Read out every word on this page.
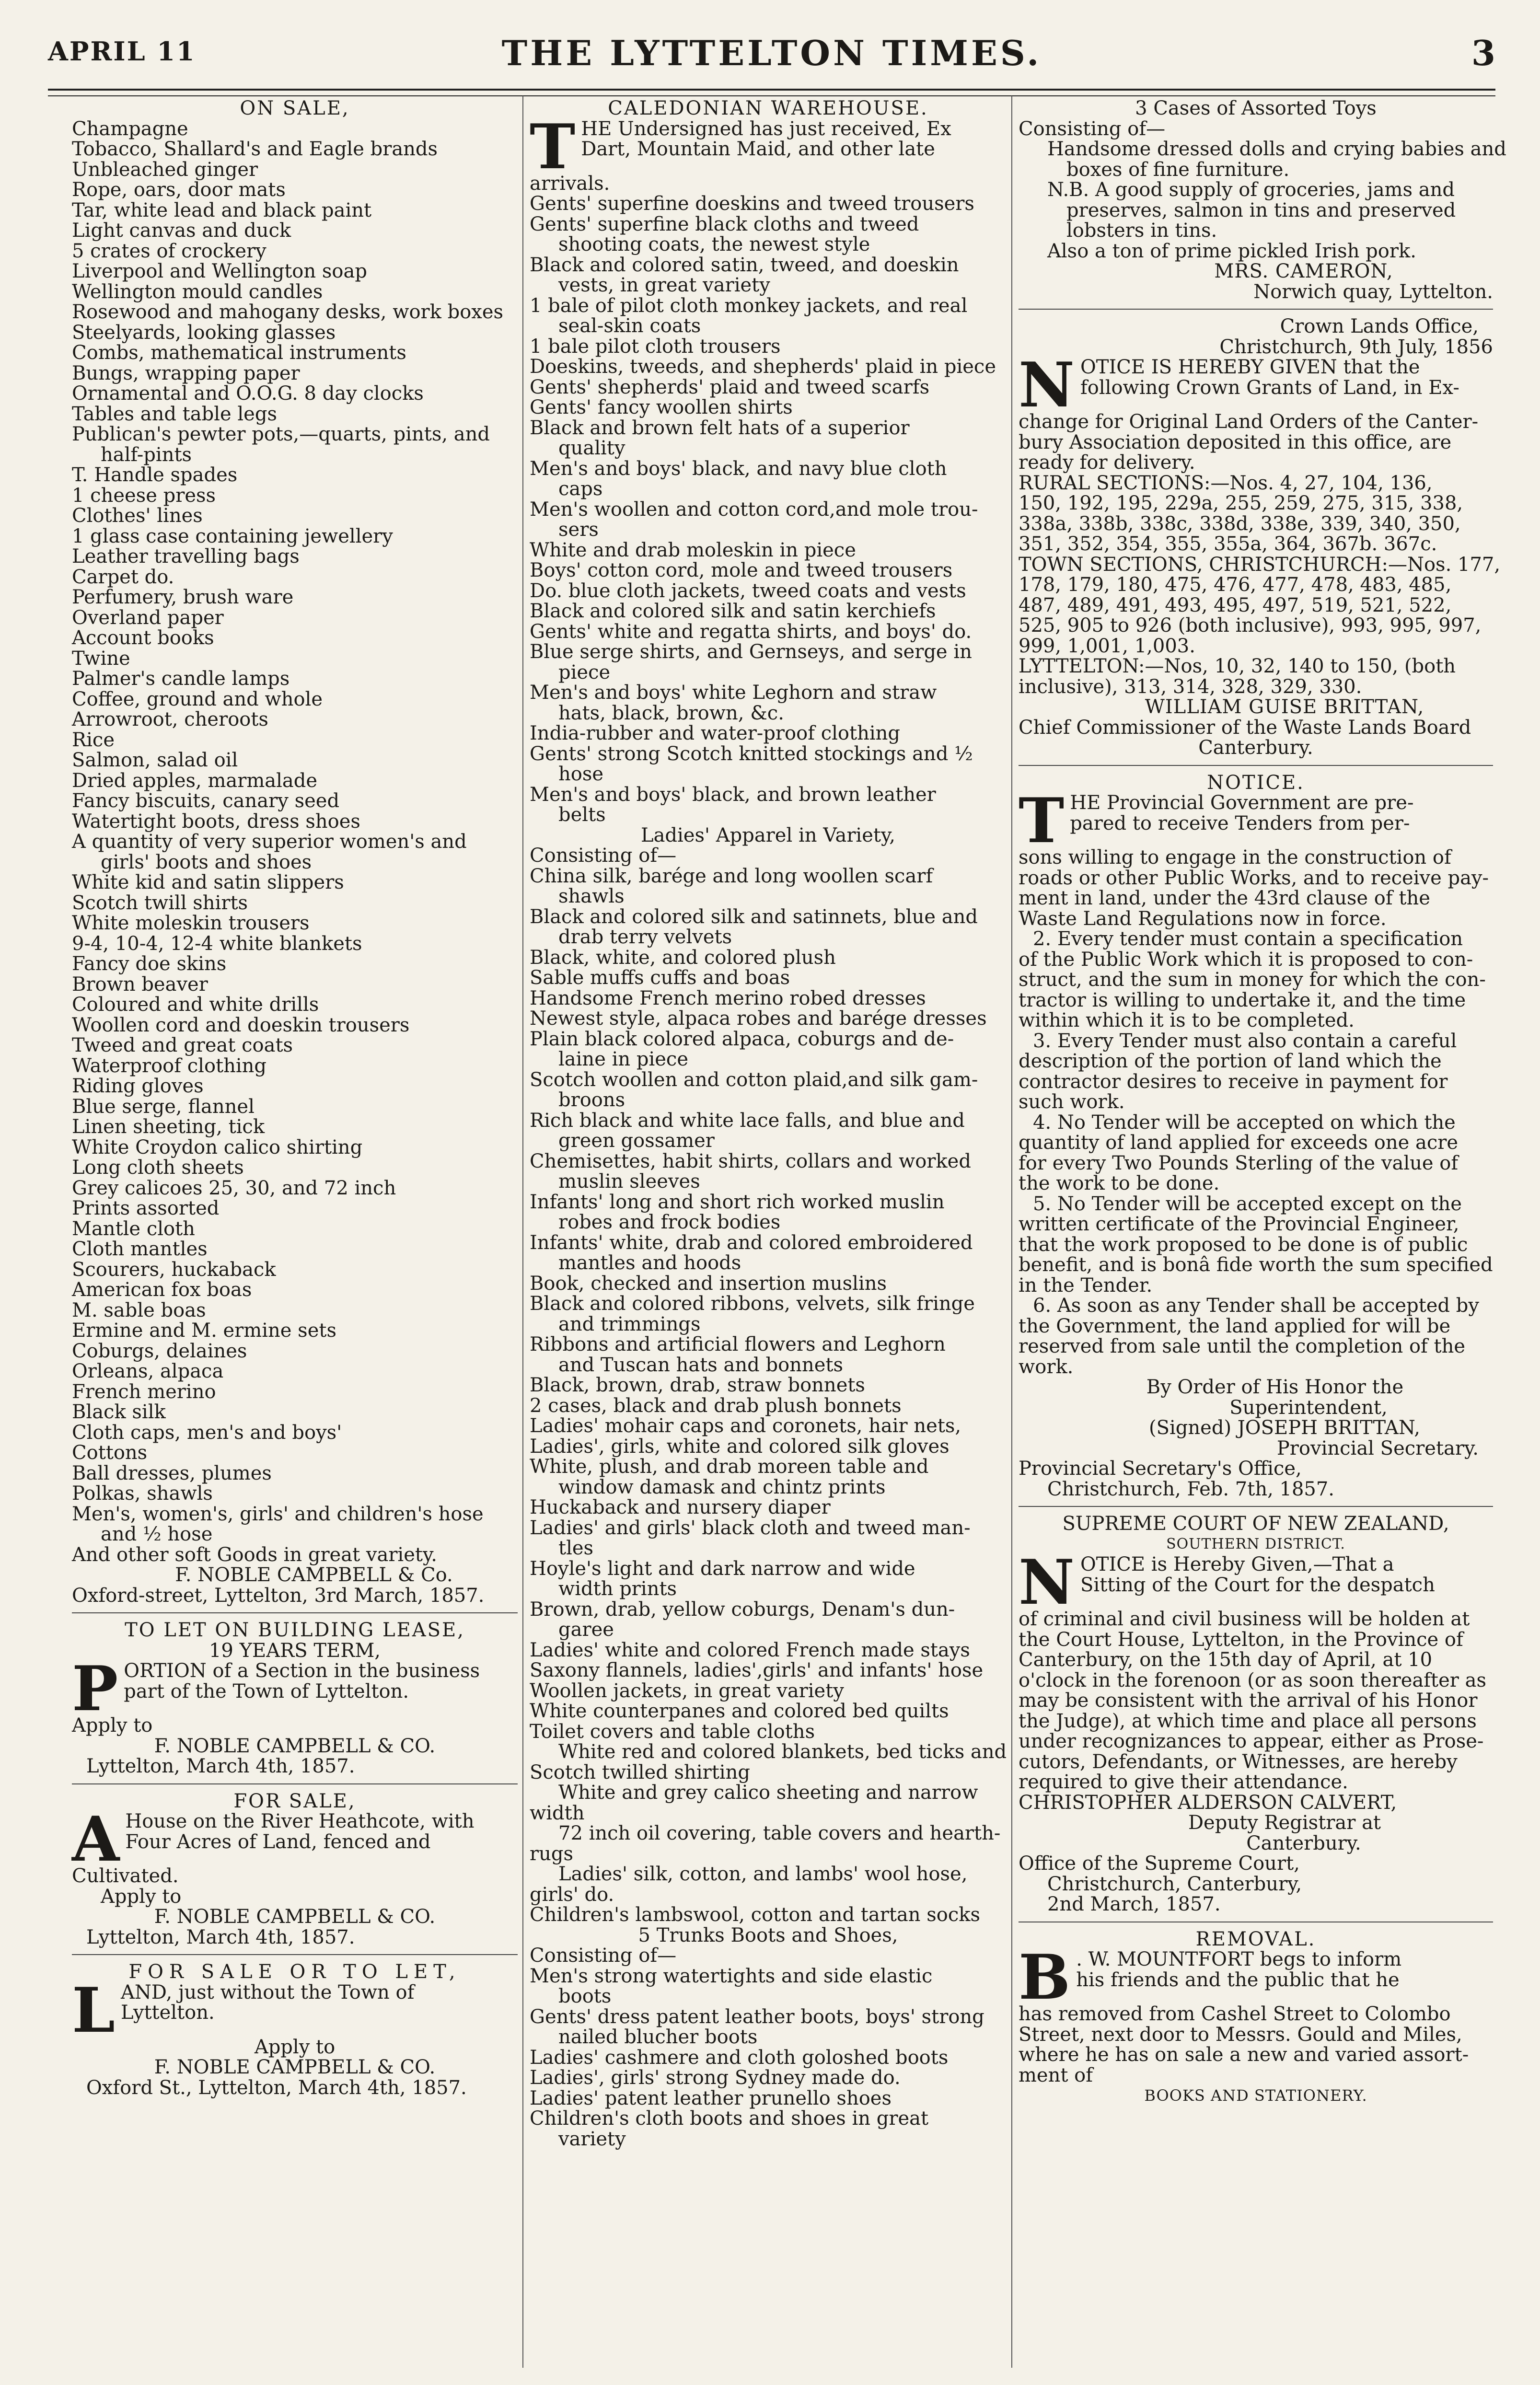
APRIL 11	THE LYTTELTON TIMES.	3
ON SALE,
Champagne
Tobacco, Shallard's and Eagle brands
Unbleached ginger
Rope, oars, door mats
Tar, white lead and black paint
Light canvas and duck
5 crates of crockery
Liverpool and Wellington soap
Wellington mould candles
Rosewood and mahogany desks, work boxes
Steelyards, looking glasses
Combs, mathematical instruments
Bungs, wrapping paper
Ornamental and O.O.G. 8 day clocks
Tables and table legs
Publican's pewter pots,—quarts, pints, and
half-pints
T. Handle spades
1 cheese press
Clothes' lines
1 glass case containing jewellery
Leather travelling bags
Carpet do.
Perfumery, brush ware
Overland paper
Account books
Twine
Palmer's candle lamps
Coffee, ground and whole
Arrowroot, cheroots
Rice
Salmon, salad oil
Dried apples, marmalade
Fancy biscuits, canary seed
Watertight boots, dress shoes
A quantity of very superior women's and
girls' boots and shoes
White kid and satin slippers
Scotch twill shirts
White moleskin trousers
9-4, 10-4, 12-4 white blankets
Fancy doe skins
Brown beaver
Coloured and white drills
Woollen cord and doeskin trousers
Tweed and great coats
Waterproof clothing
Riding gloves
Blue serge, flannel
Linen sheeting, tick
White Croydon calico shirting
Long cloth sheets
Grey calicoes 25, 30, and 72 inch
Prints assorted
Mantle cloth
Cloth mantles
Scourers, huckaback
American fox boas
M. sable boas
Ermine and M. ermine sets
Coburgs, delaines
Orleans, alpaca
French merino
Black silk
Cloth caps, men's and boys'
Cottons
Ball dresses, plumes
Polkas, shawls
Men's, women's, girls' and children's hose
and ½ hose
And other soft Goods in great variety.
F. NOBLE CAMPBELL & Co.
Oxford-street, Lyttelton, 3rd March, 1857.
TO LET ON BUILDING LEASE,
19 YEARS TERM,
P ORTION of a Section in the business
part of the Town of Lyttelton.
Apply to
F. NOBLE CAMPBELL & CO.
Lyttelton, March 4th, 1857.
FOR SALE,
A House on the River Heathcote, with
Four Acres of Land, fenced and
Cultivated.
Apply to
F. NOBLE CAMPBELL & CO.
Lyttelton, March 4th, 1857.
FOR SALE OR TO LET,
L AND, just without the Town of
Lyttelton.
Apply to
F. NOBLE CAMPBELL & CO.
Oxford St., Lyttelton, March 4th, 1857.
CALEDONIAN WAREHOUSE.
T HE Undersigned has just received, Ex
Dart, Mountain Maid, and other late
arrivals.
Gents' superfine doeskins and tweed trousers
Gents' superfine black cloths and tweed
shooting coats, the newest style
Black and colored satin, tweed, and doeskin
vests, in great variety
1 bale of pilot cloth monkey jackets, and real
seal-skin coats
1 bale pilot cloth trousers
Doeskins, tweeds, and shepherds' plaid in piece
Gents' shepherds' plaid and tweed scarfs
Gents' fancy woollen shirts
Black and brown felt hats of a superior
quality
Men's and boys' black, and navy blue cloth
caps
Men's woollen and cotton cord,and mole trou-
sers
White and drab moleskin in piece
Boys' cotton cord, mole and tweed trousers
Do. blue cloth jackets, tweed coats and vests
Black and colored silk and satin kerchiefs
Gents' white and regatta shirts, and boys' do.
Blue serge shirts, and Gernseys, and serge in
piece
Men's and boys' white Leghorn and straw
hats, black, brown, &c.
India-rubber and water-proof clothing
Gents' strong Scotch knitted stockings and ½
hose
Men's and boys' black, and brown leather
belts
Ladies' Apparel in Variety,
Consisting of—
China silk, barége and long woollen scarf
shawls
Black and colored silk and satinnets, blue and
drab terry velvets
Black, white, and colored plush
Sable muffs cuffs and boas
Handsome French merino robed dresses
Newest style, alpaca robes and barége dresses
Plain black colored alpaca, coburgs and de-
laine in piece
Scotch woollen and cotton plaid,and silk gam-
broons
Rich black and white lace falls, and blue and
green gossamer
Chemisettes, habit shirts, collars and worked
muslin sleeves
Infants' long and short rich worked muslin
robes and frock bodies
Infants' white, drab and colored embroidered
mantles and hoods
Book, checked and insertion muslins
Black and colored ribbons, velvets, silk fringe
and trimmings
Ribbons and artificial flowers and Leghorn
and Tuscan hats and bonnets
Black, brown, drab, straw bonnets
2 cases, black and drab plush bonnets
Ladies' mohair caps and coronets, hair nets,
Ladies', girls, white and colored silk gloves
White, plush, and drab moreen table and
window damask and chintz prints
Huckaback and nursery diaper
Ladies' and girls' black cloth and tweed man-
tles
Hoyle's light and dark narrow and wide
width prints
Brown, drab, yellow coburgs, Denam's dun-
garee
Ladies' white and colored French made stays
Saxony flannels, ladies',girls' and infants' hose
Woollen jackets, in great variety
White counterpanes and colored bed quilts
Toilet covers and table cloths
White red and colored blankets, bed ticks and
Scotch twilled shirting
White and grey calico sheeting and narrow
width
72 inch oil covering, table covers and hearth-
rugs
Ladies' silk, cotton, and lambs' wool hose,
girls' do.
Children's lambswool, cotton and tartan socks
5 Trunks Boots and Shoes,
Consisting of—
Men's strong watertights and side elastic
boots
Gents' dress patent leather boots, boys' strong
nailed blucher boots
Ladies' cashmere and cloth goloshed boots
Ladies', girls' strong Sydney made do.
Ladies' patent leather prunello shoes
Children's cloth boots and shoes in great
variety
3 Cases of Assorted Toys
Consisting of—
Handsome dressed dolls and crying babies and
boxes of fine furniture.
N.B. A good supply of groceries, jams and
preserves, salmon in tins and preserved
lobsters in tins.
Also a ton of prime pickled Irish pork.
MRS. CAMERON,
Norwich quay, Lyttelton.
Crown Lands Office,
Christchurch, 9th July, 1856
N OTICE IS HEREBY GIVEN that the
following Crown Grants of Land, in Ex-
change for Original Land Orders of the Canter-
bury Association deposited in this office, are
ready for delivery.
RURAL SECTIONS:—Nos. 4, 27, 104, 136,
150, 192, 195, 229a, 255, 259, 275, 315, 338,
338a, 338b, 338c, 338d, 338e, 339, 340, 350,
351, 352, 354, 355, 355a, 364, 367b. 367c.
TOWN SECTIONS, CHRISTCHURCH:—Nos. 177,
178, 179, 180, 475, 476, 477, 478, 483, 485,
487, 489, 491, 493, 495, 497, 519, 521, 522,
525, 905 to 926 (both inclusive), 993, 995, 997,
999, 1,001, 1,003.
LYTTELTON:—Nos, 10, 32, 140 to 150, (both
inclusive), 313, 314, 328, 329, 330.
WILLIAM GUISE BRITTAN,
Chief Commissioner of the Waste Lands Board
Canterbury.
NOTICE.
T HE Provincial Government are pre-
pared to receive Tenders from per-
sons willing to engage in the construction of
roads or other Public Works, and to receive pay-
ment in land, under the 43rd clause of the
Waste Land Regulations now in force.
2. Every tender must contain a specification
of the Public Work which it is proposed to con-
struct, and the sum in money for which the con-
tractor is willing to undertake it, and the time
within which it is to be completed.
3. Every Tender must also contain a careful
description of the portion of land which the
contractor desires to receive in payment for
such work.
4. No Tender will be accepted on which the
quantity of land applied for exceeds one acre
for every Two Pounds Sterling of the value of
the work to be done.
5. No Tender will be accepted except on the
written certificate of the Provincial Engineer,
that the work proposed to be done is of public
benefit, and is bonâ fide worth the sum specified
in the Tender.
6. As soon as any Tender shall be accepted by
the Government, the land applied for will be
reserved from sale until the completion of the
work.
By Order of His Honor the
Superintendent,
(Signed) JOSEPH BRITTAN,
Provincial Secretary.
Provincial Secretary's Office,
Christchurch, Feb. 7th, 1857.
SUPREME COURT OF NEW ZEALAND,
SOUTHERN DISTRICT.
N OTICE is Hereby Given,—That a
Sitting of the Court for the despatch
of criminal and civil business will be holden at
the Court House, Lyttelton, in the Province of
Canterbury, on the 15th day of April, at 10
o'clock in the forenoon (or as soon thereafter as
may be consistent with the arrival of his Honor
the Judge), at which time and place all persons
under recognizances to appear, either as Prose-
cutors, Defendants, or Witnesses, are hereby
required to give their attendance.
CHRISTOPHER ALDERSON CALVERT,
Deputy Registrar at
Canterbury.
Office of the Supreme Court,
Christchurch, Canterbury,
2nd March, 1857.
REMOVAL.
B . W. MOUNTFORT begs to inform
his friends and the public that he
has removed from Cashel Street to Colombo
Street, next door to Messrs. Gould and Miles,
where he has on sale a new and varied assort-
ment of
BOOKS AND STATIONERY.
